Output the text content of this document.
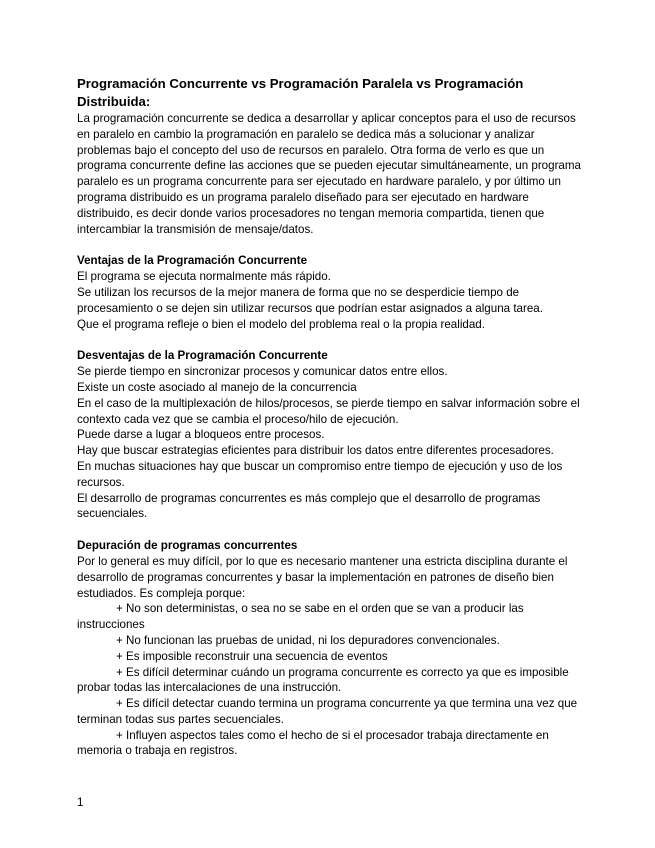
Programación Concurrente vs Programación Paralela vs Programación Distribuida:

La programación concurrente se dedica a desarrollar y aplicar conceptos para el uso de recursos en paralelo en cambio la programación en paralelo se dedica más a solucionar y analizar problemas bajo el concepto del uso de recursos en paralelo. Otra forma de verlo es que un programa concurrente define las acciones que se pueden ejecutar simultáneamente, un programa paralelo es un programa concurrente para ser ejecutado en hardware paralelo, y por último un programa distribuido es un programa paralelo diseñado para ser ejecutado en hardware distribuido, es decir donde varios procesadores no tengan memoria compartida, tienen que intercambiar la transmisión de mensaje/datos.

Ventajas de la Programación Concurrente

El programa se ejecuta normalmente más rápido.

Se utilizan los recursos de la mejor manera de forma que no se desperdicie tiempo de procesamiento o se dejen sin utilizar recursos que podrían estar asignados a alguna tarea.

Que el programa refleje o bien el modelo del problema real o la propia realidad.

Desventajas de la Programación Concurrente

Se pierde tiempo en sincronizar procesos y comunicar datos entre ellos.

Existe un coste asociado al manejo de la concurrencia

En el caso de la multiplexación de hilos/procesos, se pierde tiempo en salvar información sobre el contexto cada vez que se cambia el proceso/hilo de ejecución.

Puede darse a lugar a bloqueos entre procesos.

Hay que buscar estrategias eficientes para distribuir los datos entre diferentes procesadores.

En muchas situaciones hay que buscar un compromiso entre tiempo de ejecución y uso de los recursos.

El desarrollo de programas concurrentes es más complejo que el desarrollo de programas secuenciales.

Depuración de programas concurrentes

Por lo general es muy difícil, por lo que es necesario mantener una estricta disciplina durante el desarrollo de programas concurrentes y basar la implementación en patrones de diseño bien estudiados. Es compleja porque:

+ No son deterministas, o sea no se sabe en el orden que se van a producir las instrucciones

+ No funcionan las pruebas de unidad, ni los depuradores convencionales.

+ Es imposible reconstruir una secuencia de eventos

+ Es difícil determinar cuándo un programa concurrente es correcto ya que es imposible probar todas las intercalaciones de una instrucción.

+ Es difícil detectar cuando termina un programa concurrente ya que termina una vez que terminan todas sus partes secuenciales.

+ Influyen aspectos tales como el hecho de si el procesador trabaja directamente en memoria o trabaja en registros.

1
